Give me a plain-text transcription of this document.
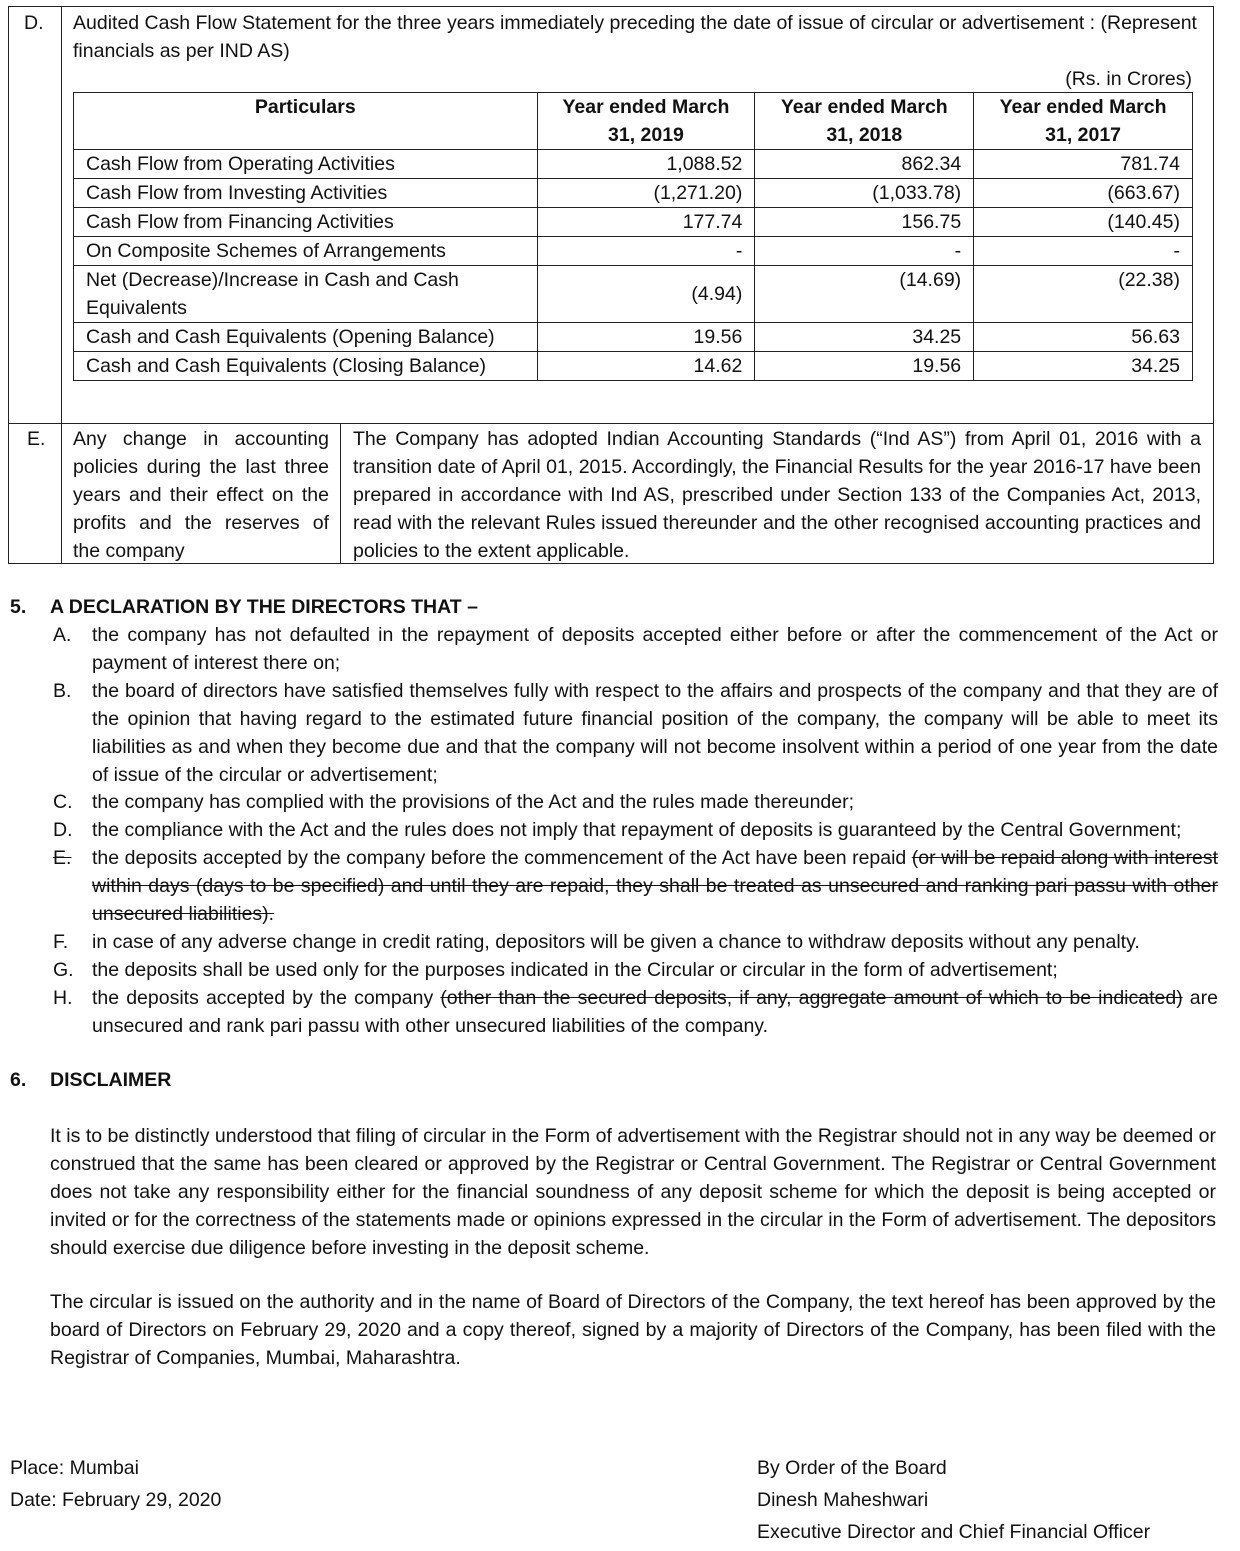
D. Audited Cash Flow Statement for the three years immediately preceding the date of issue of circular or advertisement : (Represent financials as per IND AS)
(Rs. in Crores)
Particulars	Year ended March 31, 2019	Year ended March 31, 2018	Year ended March 31, 2017
Cash Flow from Operating Activities	1,088.52	862.34	781.74
Cash Flow from Investing Activities	(1,271.20)	(1,033.78)	(663.67)
Cash Flow from Financing Activities	177.74	156.75	(140.45)
On Composite Schemes of Arrangements	-	-	-
Net (Decrease)/Increase in Cash and Cash Equivalents	(4.94)	(14.69)	(22.38)
Cash and Cash Equivalents (Opening Balance)	19.56	34.25	56.63
Cash and Cash Equivalents (Closing Balance)	14.62	19.56	34.25
E. Any change in accounting policies during the last three years and their effect on the profits and the reserves of the company
The Company has adopted Indian Accounting Standards (“Ind AS”) from April 01, 2016 with a transition date of April 01, 2015. Accordingly, the Financial Results for the year 2016-17 have been prepared in accordance with Ind AS, prescribed under Section 133 of the Companies Act, 2013, read with the relevant Rules issued thereunder and the other recognised accounting practices and policies to the extent applicable.
5. A DECLARATION BY THE DIRECTORS THAT –
A.	the company has not defaulted in the repayment of deposits accepted either before or after the commencement of the Act or payment of interest there on;
B.	the board of directors have satisfied themselves fully with respect to the affairs and prospects of the company and that they are of the opinion that having regard to the estimated future financial position of the company, the company will be able to meet its liabilities as and when they become due and that the company will not become insolvent within a period of one year from the date of issue of the circular or advertisement;
C.	the company has complied with the provisions of the Act and the rules made thereunder;
D.	the compliance with the Act and the rules does not imply that repayment of deposits is guaranteed by the Central Government;
E.	the deposits accepted by the company before the commencement of the Act have been repaid (or will be repaid along with interest within days (days to be specified) and until they are repaid, they shall be treated as unsecured and ranking pari passu with other unsecured liabilities).
F.	in case of any adverse change in credit rating, depositors will be given a chance to withdraw deposits without any penalty.
G. the deposits shall be used only for the purposes indicated in the Circular or circular in the form of advertisement;
H.	the deposits accepted by the company (other than the secured deposits, if any, aggregate amount of which to be indicated) are unsecured and rank pari passu with other unsecured liabilities of the company.
6. DISCLAIMER
It is to be distinctly understood that filing of circular in the Form of advertisement with the Registrar should not in any way be deemed or construed that the same has been cleared or approved by the Registrar or Central Government. The Registrar or Central Government does not take any responsibility either for the financial soundness of any deposit scheme for which the deposit is being accepted or invited or for the correctness of the statements made or opinions expressed in the circular in the Form of advertisement. The depositors should exercise due diligence before investing in the deposit scheme.
The circular is issued on the authority and in the name of Board of Directors of the Company, the text hereof has been approved by the board of Directors on February 29, 2020 and a copy thereof, signed by a majority of Directors of the Company, has been filed with the Registrar of Companies, Mumbai, Maharashtra.
Place: Mumbai
Date: February 29, 2020
By Order of the Board
Dinesh Maheshwari
Executive Director and Chief Financial Officer
